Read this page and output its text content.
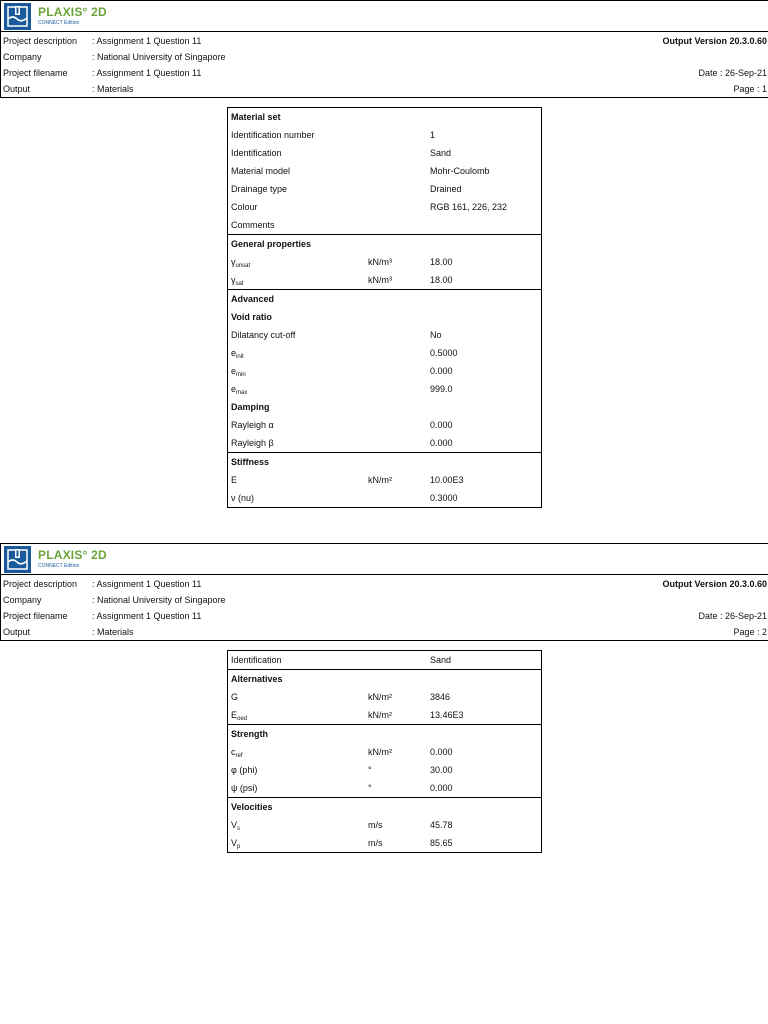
PLAXIS° 2D
CONNECT Edition
Project description : Assignment 1 Question 11	Output Version 20.3.0.60
Company	: National University of Singapore
Project filename	: Assignment 1 Question 11	Date : 26-Sep-21
Output	: Materials	Page : 1
Material set
Identification number	1
Identification	Sand
Material model	Mohr-Coulomb
Drainage type	Drained
Colour	RGB 161, 226, 232
Comments
General properties
$\gamma_{unsat}$	kN/m³	18.00
$\gamma_{sat}$	kN/m³	18.00
Advanced
Void ratio
Dilatancy cut-off	No
$e_{init}$	0.5000
$e_{min}$	0.000
$e_{max}$	999.0
Damping
Rayleigh α	0.000
Rayleigh β	0.000
Stiffness
E	kN/m²	10.00E3
ν (nu)	0.3000
PLAXIS° 2D
CONNECT Edition
Project description : Assignment 1 Question 11	Output Version 20.3.0.60
Company	: National University of Singapore
Project filename	: Assignment 1 Question 11	Date : 26-Sep-21
Output	: Materials	Page : 2
Identification	Sand
Alternatives
G	kN/m²	3846
$E_{oed}$	kN/m²	13.46E3
Strength
$c_{ref}$	kN/m²	0.000
φ (phi)	°	30.00
ψ (psi)	°	0.000
Velocities
$V_s$	m/s	45.78
$V_p$	m/s	85.65
